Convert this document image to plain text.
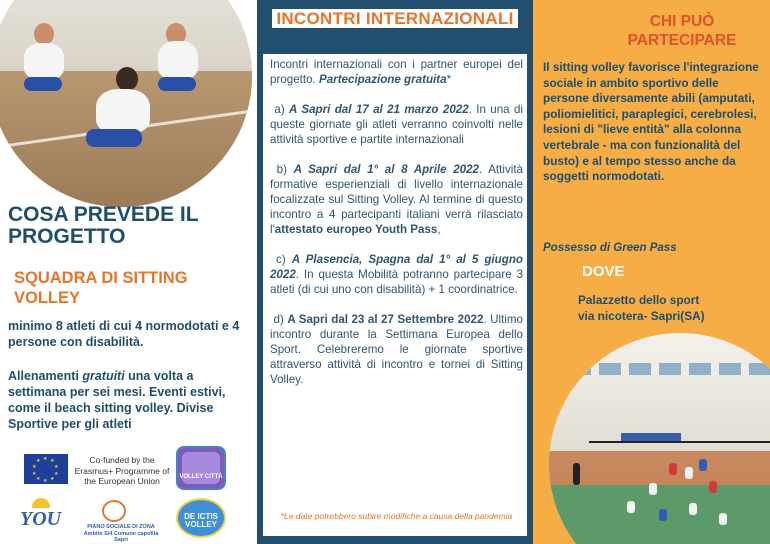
COSA PREVEDE IL PROGETTO
SQUADRA DI SITTING VOLLEY
minimo 8 atleti di cui 4 normodotati e 4 persone con disabilità.
Allenamenti gratuiti una volta a settimana per sei mesi. Eventi estivi, come il beach sitting volley. Divise Sportive per gli atleti
★ ★
★
★
★
★
★
★
★
★	Co-funded by the Erasmus+ Programme of the European Union	VOLLEY CITTÀ
YOU	PIANO SOCIALE DI ZONA Ambito S/4 Comune capofila Sapri
DE ICTIS VOLLEY
INCONTRI INTERNAZIONALI

Incontri internazionali con i partner europei del progetto. Partecipazione gratuita*

a) A Sapri dal 17 al 21 marzo 2022. In una di queste giornate gli atleti verranno coinvolti nelle attività sportive e partite internazionali

b) A Sapri dal 1° al 8 Aprile 2022. Attività formative esperienziali di livello internazionale focalizzate sul Sitting Volley. Al termine di questo incontro a 4 partecipanti italiani verrà rilasciato l'attestato europeo Youth Pass,

c) A Plasencia, Spagna dal 1° al 5 giugno 2022. In questa Mobilità potranno partecipare 3 atleti (di cui uno con disabilità) + 1 coordinatrice.

d) A Sapri dal 23 al 27 Settembre 2022. Ultimo incontro durante la Settimana Europea dello Sport. Celebreremo le giornate sportive attraverso attività di incontro e tornei di Sitting Volley.

*Le date potrebbero subire modifiche a causa della pandemia
CHI PUÒ PARTECIPARE
Il sitting volley favorisce l'integrazione sociale in ambito sportivo delle persone diversamente abili (amputati, poliomielitici, paraplegici, cerebrolesi, lesioni di "lieve entità" alla colonna vertebrale - ma con funzionalità del busto) e al tempo stesso anche da soggetti normodotati.
Possesso di Green Pass
DOVE
Palazzetto dello sport
via nicotera- Sapri(SA)
